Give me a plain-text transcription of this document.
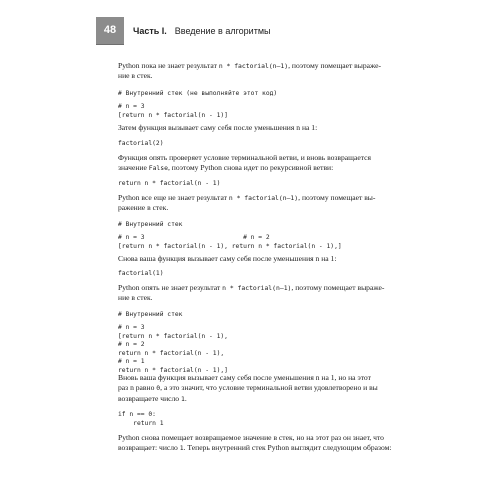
48	Часть I. Введение в алгоритмы

Python пока не знает результат n * factorial(n–1), поэтому помещает выраже-

ние в стек.

# Внутренний стек (не выполняйте этот код)
# n = 3
[return n * factorial(n - 1)]

Затем функция вызывает саму себя после уменьшения n на 1:

factorial(2)

Функция опять проверяет условие терминальной ветви, и вновь возвращается

значение False, поэтому Python снова идет по рекурсивной ветви:

return n * factorial(n - 1)

Python все еще не знает результат n * factorial(n–1), поэтому помещает вы-

ражение в стек.

# Внутренний стек
# n = 3                          # n = 2
[return n * factorial(n - 1), return n * factorial(n - 1),]

Снова ваша функция вызывает саму себя после уменьшения n на 1:

factorial(1)

Python опять не знает результат n * factorial(n–1), поэтому помещает выраже-

ние в стек.

# Внутренний стек
# n = 3
[return n * factorial(n - 1),
# n = 2
return n * factorial(n - 1),
# n = 1
return n * factorial(n - 1),]

Вновь ваша функция вызывает саму себя после уменьшения n на 1, но на этот

раз n равно 0, а это значит, что условие терминальной ветви удовлетворено и вы

возвращаете число 1.

if n == 0:
return 1

Python снова помещает возвращаемое значение в стек, но на этот раз он знает, что

возвращает: число 1. Теперь внутренний стек Python выглядит следующим образом:
